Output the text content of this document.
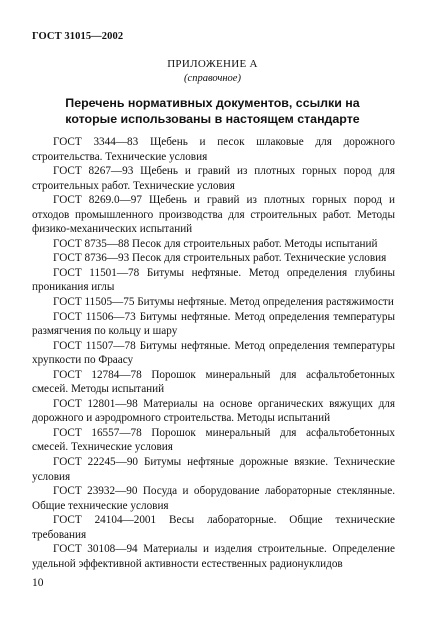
ГОСТ 31015—2002
ПРИЛОЖЕНИЕ А
(справочное)
Перечень нормативных документов, ссылки на которые использованы в настоящем стандарте

ГОСТ 3344—83 Щебень и песок шлаковые для дорожного строительства. Технические условия

ГОСТ 8267—93 Щебень и гравий из плотных горных пород для строительных работ. Технические условия

ГОСТ 8269.0—97 Щебень и гравий из плотных горных пород и отходов промышленного производства для строительных работ. Методы физико-механических испытаний

ГОСТ 8735—88 Песок для строительных работ. Методы испытаний

ГОСТ 8736—93 Песок для строительных работ. Технические условия

ГОСТ 11501—78 Битумы нефтяные. Метод определения глубины проникания иглы

ГОСТ 11505—75 Битумы нефтяные. Метод определения растяжимости

ГОСТ 11506—73 Битумы нефтяные. Метод определения температуры размягчения по кольцу и шару

ГОСТ 11507—78 Битумы нефтяные. Метод определения температуры хрупкости по Фраасу

ГОСТ 12784—78 Порошок минеральный для асфальтобетонных смесей. Методы испытаний

ГОСТ 12801—98 Материалы на основе органических вяжущих для дорожного и аэродромного строительства. Методы испытаний

ГОСТ 16557—78 Порошок минеральный для асфальтобетонных смесей. Технические условия

ГОСТ 22245—90 Битумы нефтяные дорожные вязкие. Технические условия

ГОСТ 23932—90 Посуда и оборудование лабораторные стеклянные. Общие технические условия

ГОСТ 24104—2001 Весы лабораторные. Общие технические требования

ГОСТ 30108—94 Материалы и изделия строительные. Определение удельной эффективной активности естественных радионуклидов

10
